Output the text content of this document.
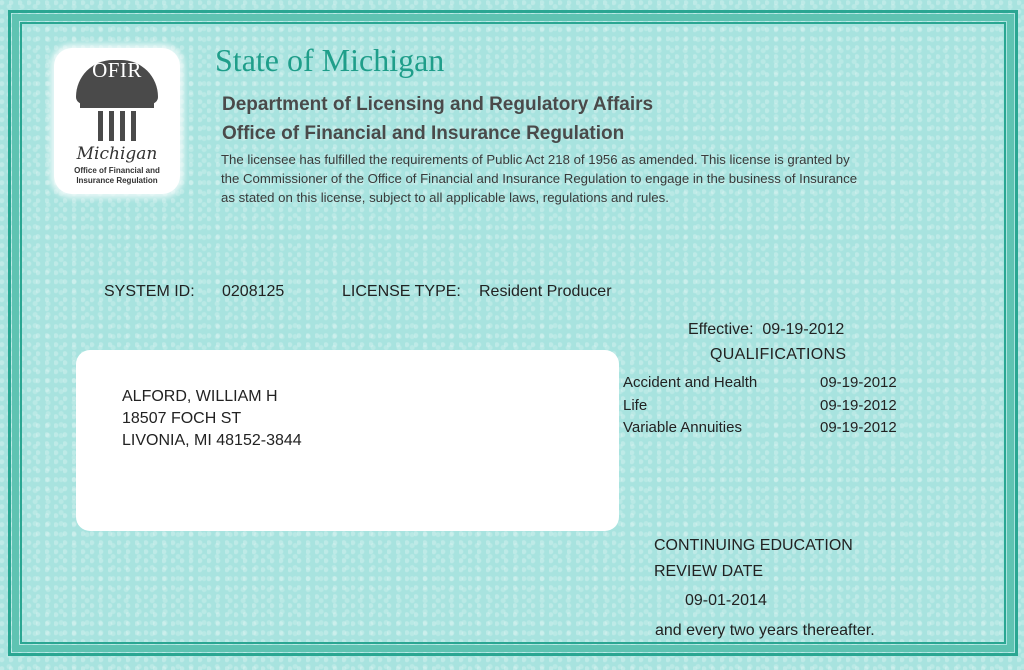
OFIR
Michigan
Office of Financial and
Insurance Regulation
State of Michigan
Department of Licensing and Regulatory Affairs
Office of Financial and Insurance Regulation
The licensee has fulfilled the requirements of Public Act 218 of 1956 as amended. This license is granted by
the Commissioner of the Office of Financial and Insurance Regulation to engage in the business of Insurance
as stated on this license, subject to all applicable laws, regulations and rules.
SYSTEM ID: 0208125	LICENSE TYPE: Resident Producer
Effective: 09-19-2012
QUALIFICATIONS
Accident and Health	09-19-2012
Life	09-19-2012
Variable Annuities	09-19-2012
ALFORD, WILLIAM H
18507 FOCH ST
LIVONIA, MI 48152-3844
CONTINUING EDUCATION
REVIEW DATE
09-01-2014
and every two years thereafter.
